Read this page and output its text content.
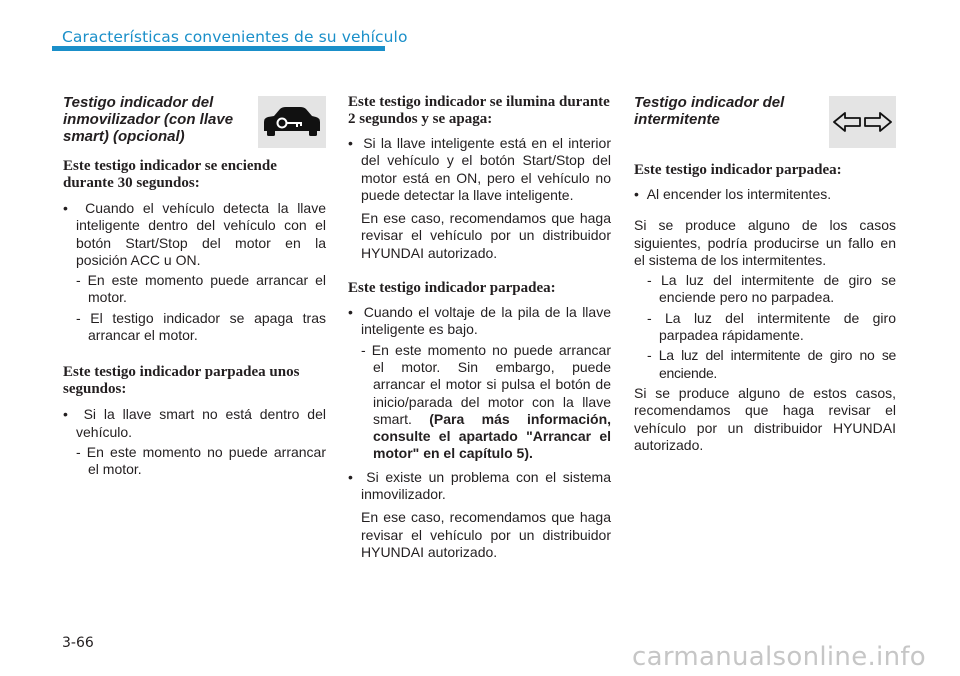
Características convenientes de su vehículo

Testigo indicador del inmovilizador (con llave smart) (opcional)

Este testigo indicador se enciende durante 30 segundos:

•  Cuando el vehículo detecta la llave inteligente dentro del vehículo con el botón Start/Stop del motor en la posición ACC u ON.

- En este momento puede arrancar el motor.

- El testigo indicador se apaga tras arrancar el motor.

Este testigo indicador parpadea unos segundos:

•  Si la llave smart no está dentro del vehículo.

- En este momento no puede arrancar el motor.

Este testigo indicador se ilumina durante 2 segundos y se apaga:

•  Si la llave inteligente está en el interior del vehículo y el botón Start/Stop del motor está en ON, pero el vehículo no puede detectar la llave inteligente.

En ese caso, recomendamos que haga revisar el vehículo por un distribuidor HYUNDAI autorizado.

Este testigo indicador parpadea:

•  Cuando el voltaje de la pila de la llave inteligente es bajo.

- En este momento no puede arrancar el motor. Sin embargo, puede arrancar el motor si pulsa el botón de inicio/parada del motor con la llave smart. (Para más información, consulte el apartado "Arrancar el motor" en el capítulo 5).

•  Si existe un problema con el sistema inmovilizador.

En ese caso, recomendamos que haga revisar el vehículo por un distribuidor HYUNDAI autorizado.

Testigo indicador del intermitente

Este testigo indicador parpadea:

•  Al encender los intermitentes.

Si se produce alguno de los casos siguientes, podría producirse un fallo en el sistema de los intermitentes.

- La luz del intermitente de giro se enciende pero no parpadea.

- La luz del intermitente de giro parpadea rápidamente.

- La luz del intermitente de giro no se enciende.

Si se produce alguno de estos casos, recomendamos que haga revisar el vehículo por un distribuidor HYUNDAI autorizado.

3-66	carmanualsonline.info
